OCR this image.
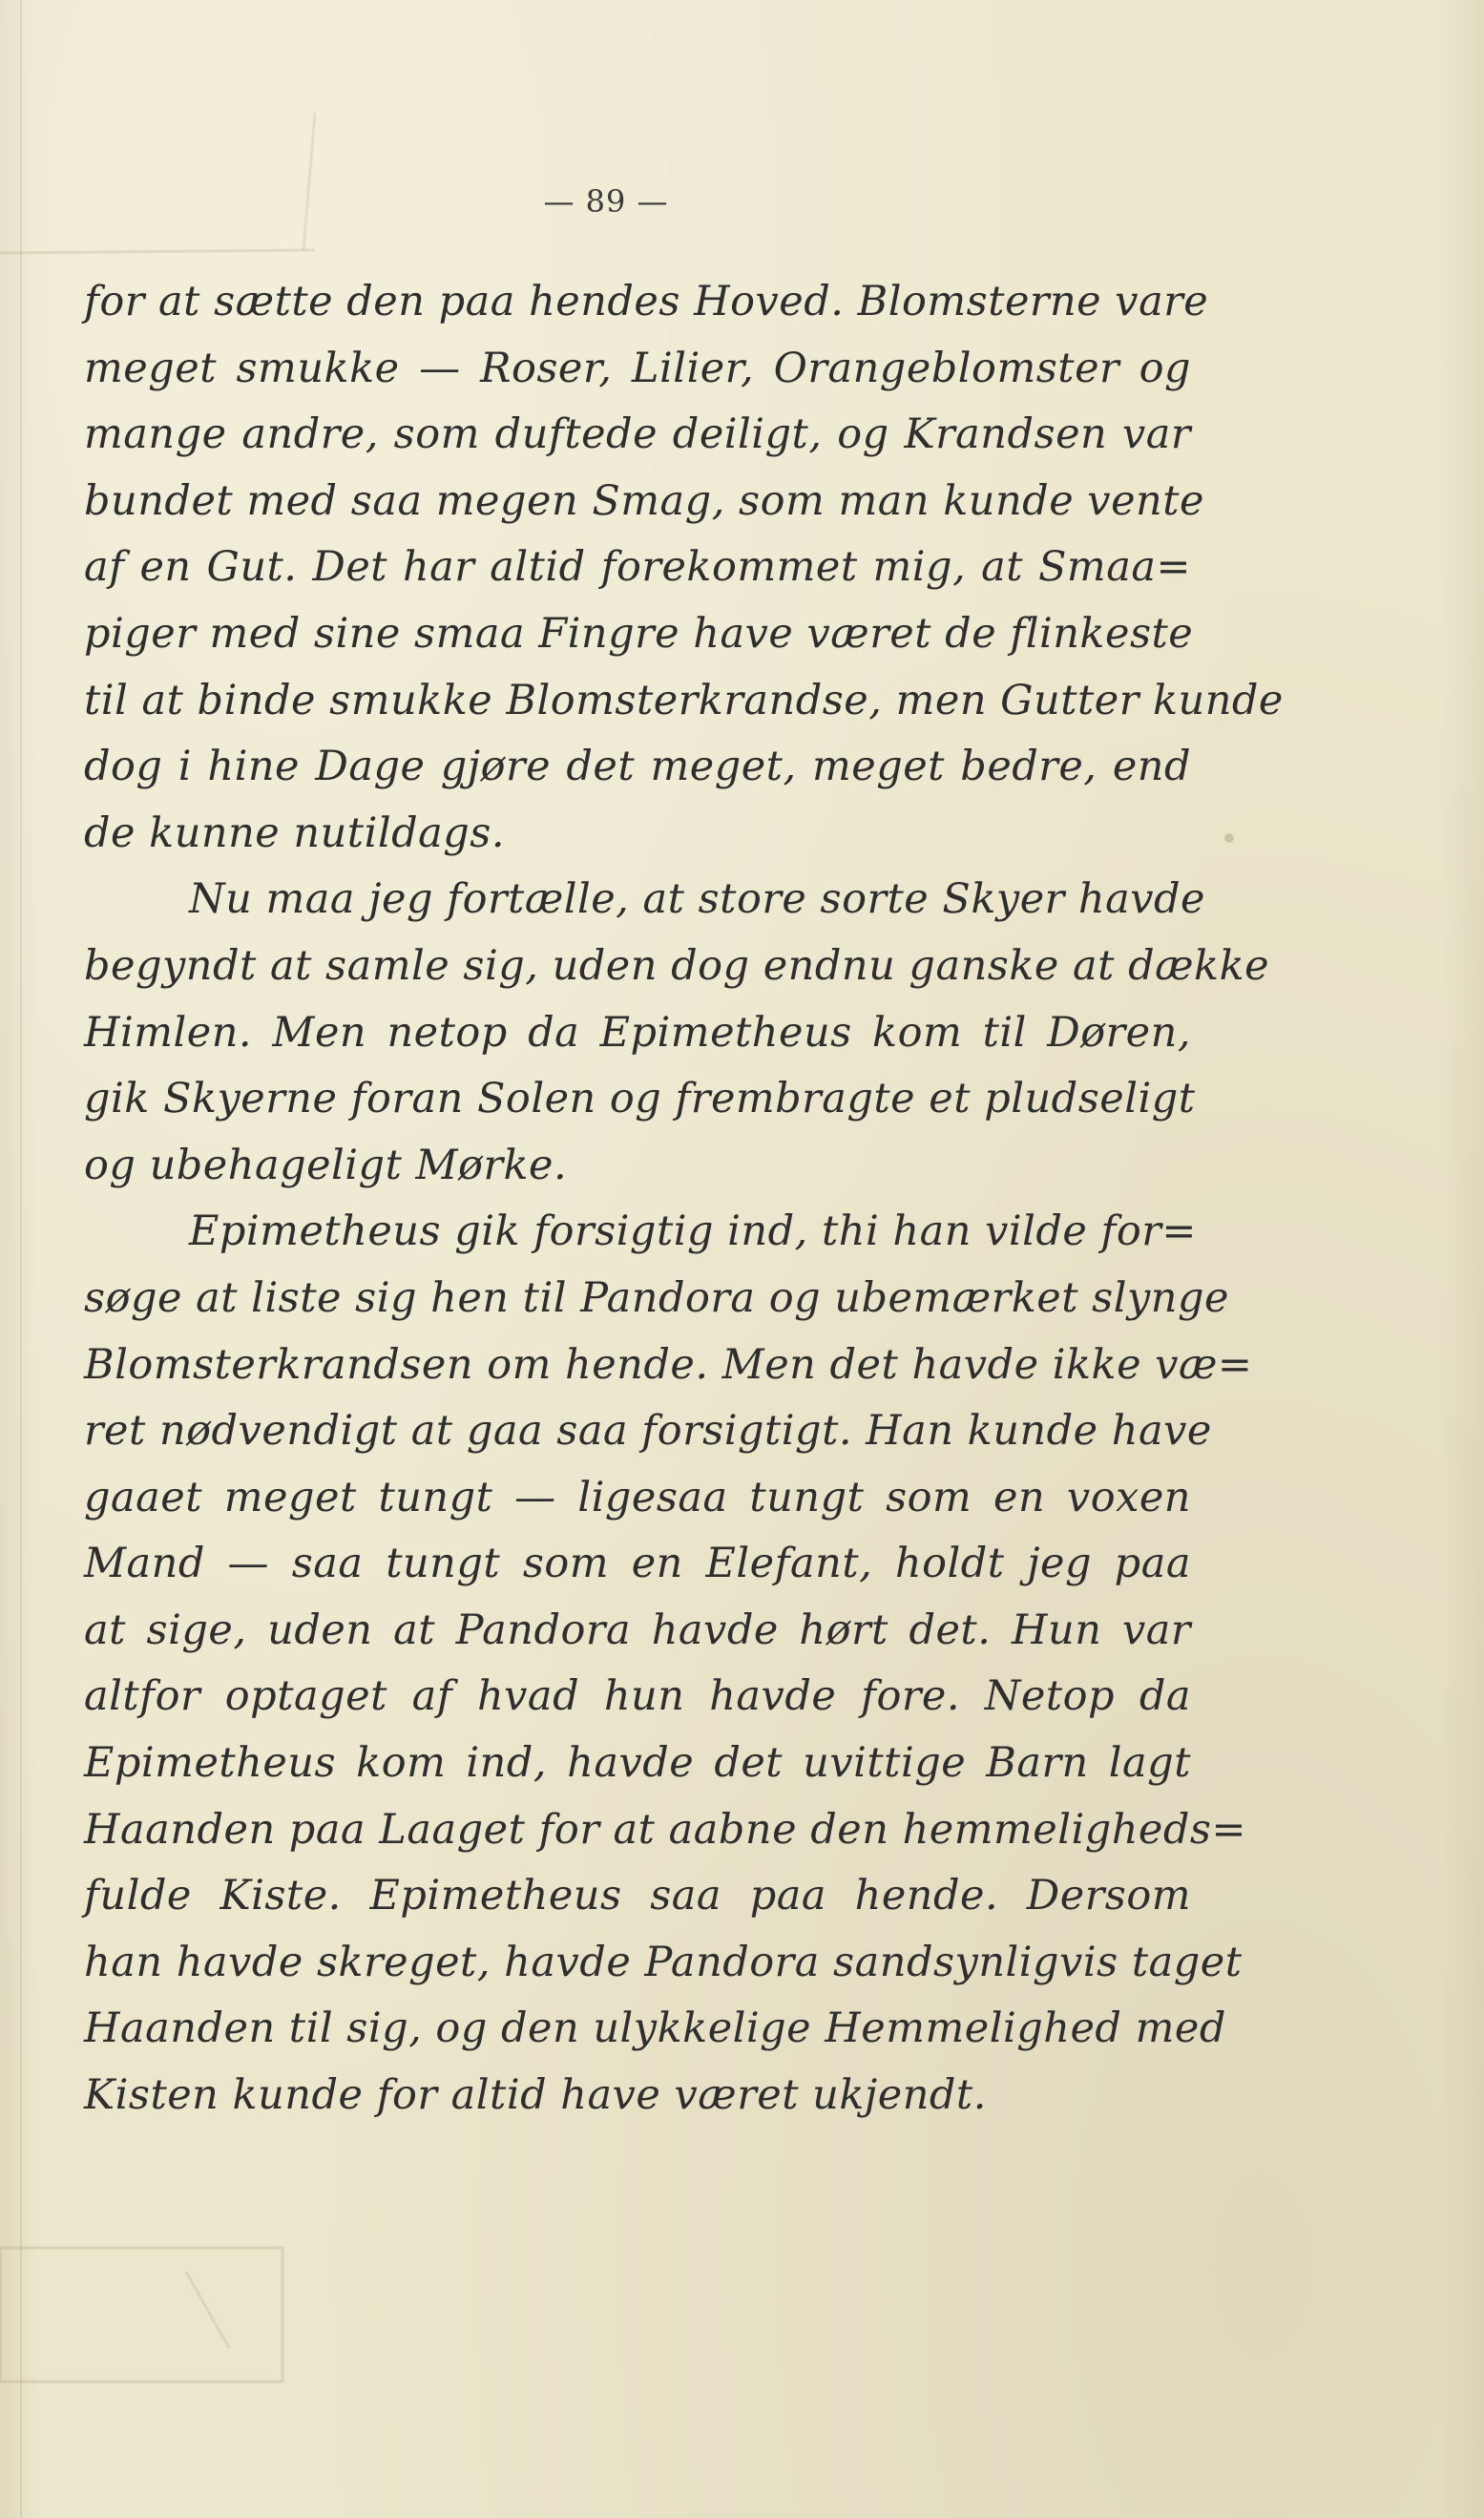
— 89 —
for at sætte den paa hendes Hoved. Blomsterne vare
meget smukke — Roser, Lilier, Orangeblomster og
mange andre, som duftede deiligt, og Krandsen var
bundet med saa megen Smag, som man kunde vente
af en Gut. Det har altid forekommet mig, at Smaa=
piger med sine smaa Fingre have været de flinkeste
til at binde smukke Blomsterkrandse, men Gutter kunde
dog i hine Dage gjøre det meget, meget bedre, end
de kunne nutildags.
Nu maa jeg fortælle, at store sorte Skyer havde
begyndt at samle sig, uden dog endnu ganske at dække
Himlen. Men netop da Epimetheus kom til Døren,
gik Skyerne foran Solen og frembragte et pludseligt
og ubehageligt Mørke.
Epimetheus gik forsigtig ind, thi han vilde for=
søge at liste sig hen til Pandora og ubemærket slynge
Blomsterkrandsen om hende. Men det havde ikke væ=
ret nødvendigt at gaa saa forsigtigt. Han kunde have
gaaet meget tungt — ligesaa tungt som en voxen
Mand — saa tungt som en Elefant, holdt jeg paa
at sige, uden at Pandora havde hørt det. Hun var
altfor optaget af hvad hun havde fore. Netop da
Epimetheus kom ind, havde det uvittige Barn lagt
Haanden paa Laaget for at aabne den hemmeligheds=
fulde Kiste. Epimetheus saa paa hende. Dersom
han havde skreget, havde Pandora sandsynligvis taget
Haanden til sig, og den ulykkelige Hemmelighed med
Kisten kunde for altid have været ukjendt.
